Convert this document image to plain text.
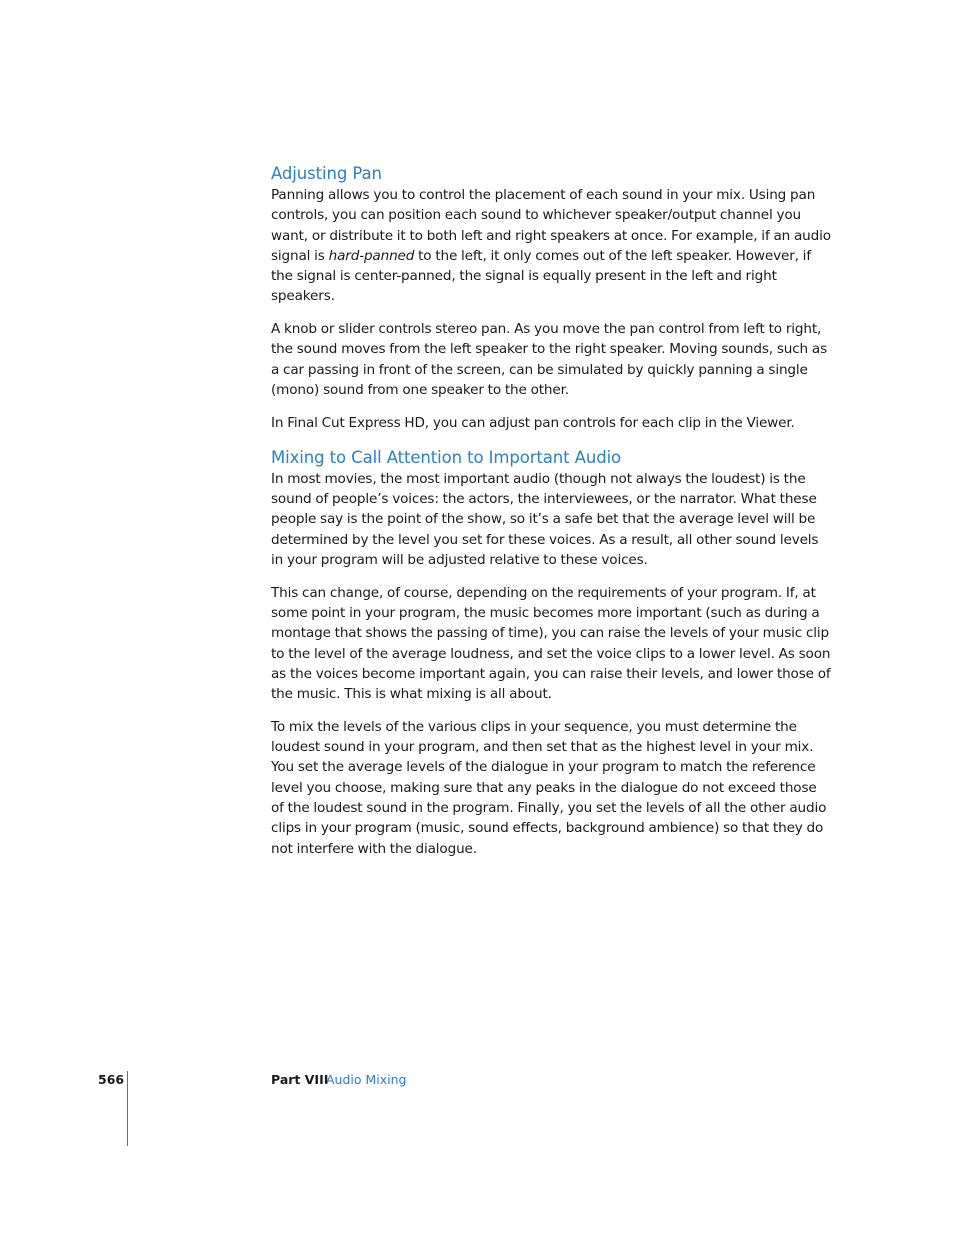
Adjusting Pan

Panning allows you to control the placement of each sound in your mix. Using pan controls, you can position each sound to whichever speaker/output channel you want, or distribute it to both left and right speakers at once. For example, if an audio signal is hard-panned to the left, it only comes out of the left speaker. However, if the signal is center-panned, the signal is equally present in the left and right speakers.

A knob or slider controls stereo pan. As you move the pan control from left to right, the sound moves from the left speaker to the right speaker. Moving sounds, such as a car passing in front of the screen, can be simulated by quickly panning a single (mono) sound from one speaker to the other.

In Final Cut Express HD, you can adjust pan controls for each clip in the Viewer.

Mixing to Call Attention to Important Audio

In most movies, the most important audio (though not always the loudest) is the sound of people’s voices: the actors, the interviewees, or the narrator. What these people say is the point of the show, so it’s a safe bet that the average level will be determined by the level you set for these voices. As a result, all other sound levels in your program will be adjusted relative to these voices.

This can change, of course, depending on the requirements of your program. If, at some point in your program, the music becomes more important (such as during a montage that shows the passing of time), you can raise the levels of your music clip to the level of the average loudness, and set the voice clips to a lower level. As soon as the voices become important again, you can raise their levels, and lower those of the music. This is what mixing is all about.

To mix the levels of the various clips in your sequence, you must determine the loudest sound in your program, and then set that as the highest level in your mix. You set the average levels of the dialogue in your program to match the reference level you choose, making sure that any peaks in the dialogue do not exceed those of the loudest sound in the program. Finally, you set the levels of all the other audio clips in your program (music, sound effects, background ambience) so that they do not interfere with the dialogue.

566	Part VIII
Audio Mixing
